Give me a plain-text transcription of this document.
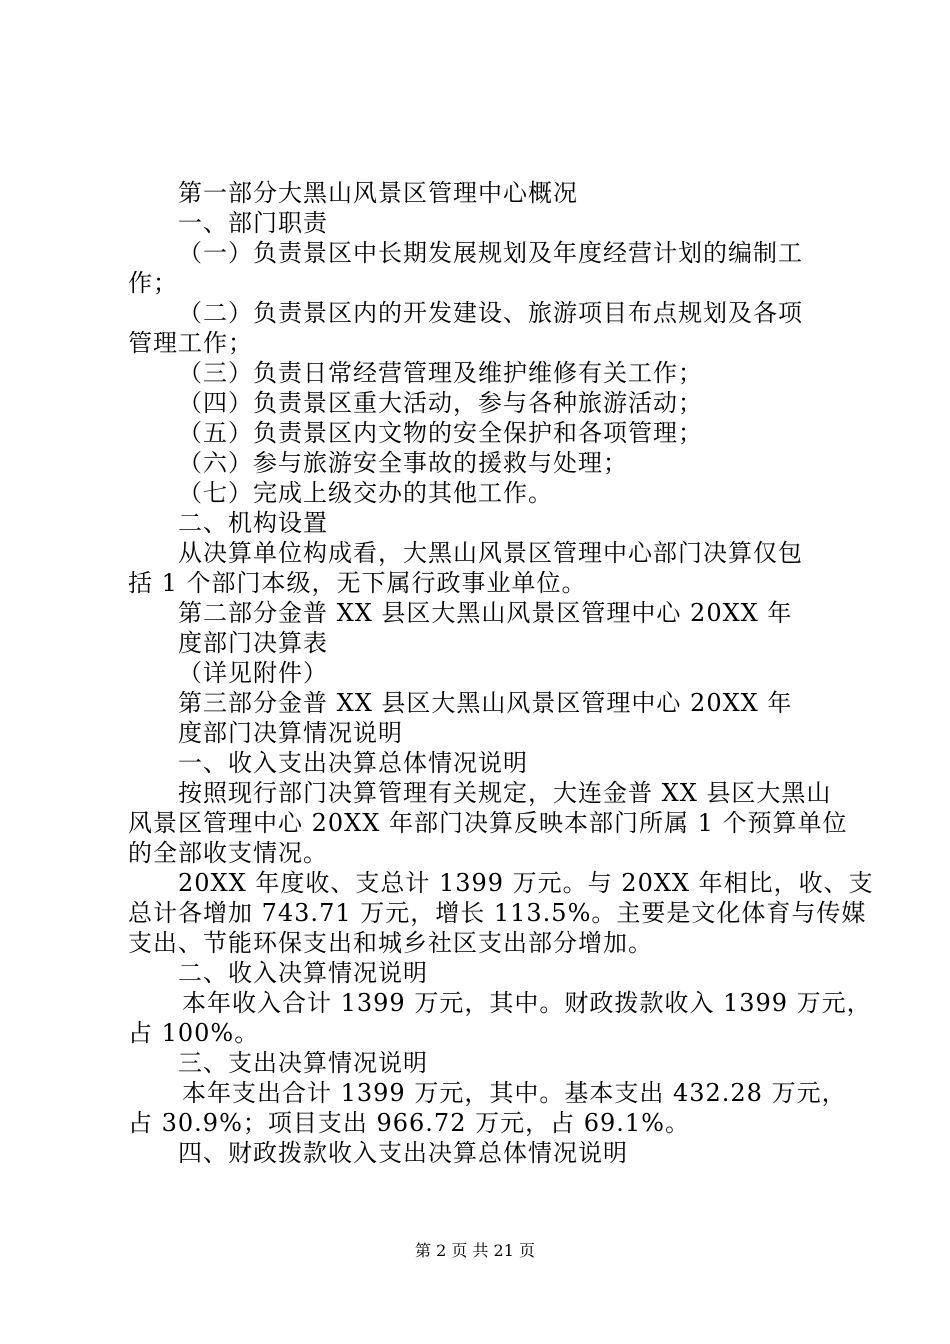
第一部分大黑山风景区管理中心概况
一、部门职责
（一）负责景区中长期发展规划及年度经营计划的编制工
作；
（二）负责景区内的开发建设、旅游项目布点规划及各项
管理工作；
（三）负责日常经营管理及维护维修有关工作；
（四）负责景区重大活动，参与各种旅游活动；
（五）负责景区内文物的安全保护和各项管理；
（六）参与旅游安全事故的援救与处理；
（七）完成上级交办的其他工作。
二、机构设置
从决算单位构成看，大黑山风景区管理中心部门决算仅包
括 1 个部门本级，无下属行政事业单位。
第二部分金普 XX 县区大黑山风景区管理中心 20XX 年
度部门决算表
（详见附件）
第三部分金普 XX 县区大黑山风景区管理中心 20XX 年
度部门决算情况说明
一、收入支出决算总体情况说明
按照现行部门决算管理有关规定，大连金普 XX 县区大黑山
风景区管理中心 20XX 年部门决算反映本部门所属 1 个预算单位
的全部收支情况。
20XX 年度收、支总计 1399 万元。与 20XX 年相比，收、支
总计各增加 743.71 万元，增长 113.5%。主要是文化体育与传媒
支出、节能环保支出和城乡社区支出部分增加。
二、收入决算情况说明
本年收入合计 1399 万元，其中。财政拨款收入 1399 万元，
占 100%。
三、支出决算情况说明
本年支出合计 1399 万元，其中。基本支出 432.28 万元，
占 30.9%；项目支出 966.72 万元，占 69.1%。
四、财政拨款收入支出决算总体情况说明
第 2 页 共 21 页
